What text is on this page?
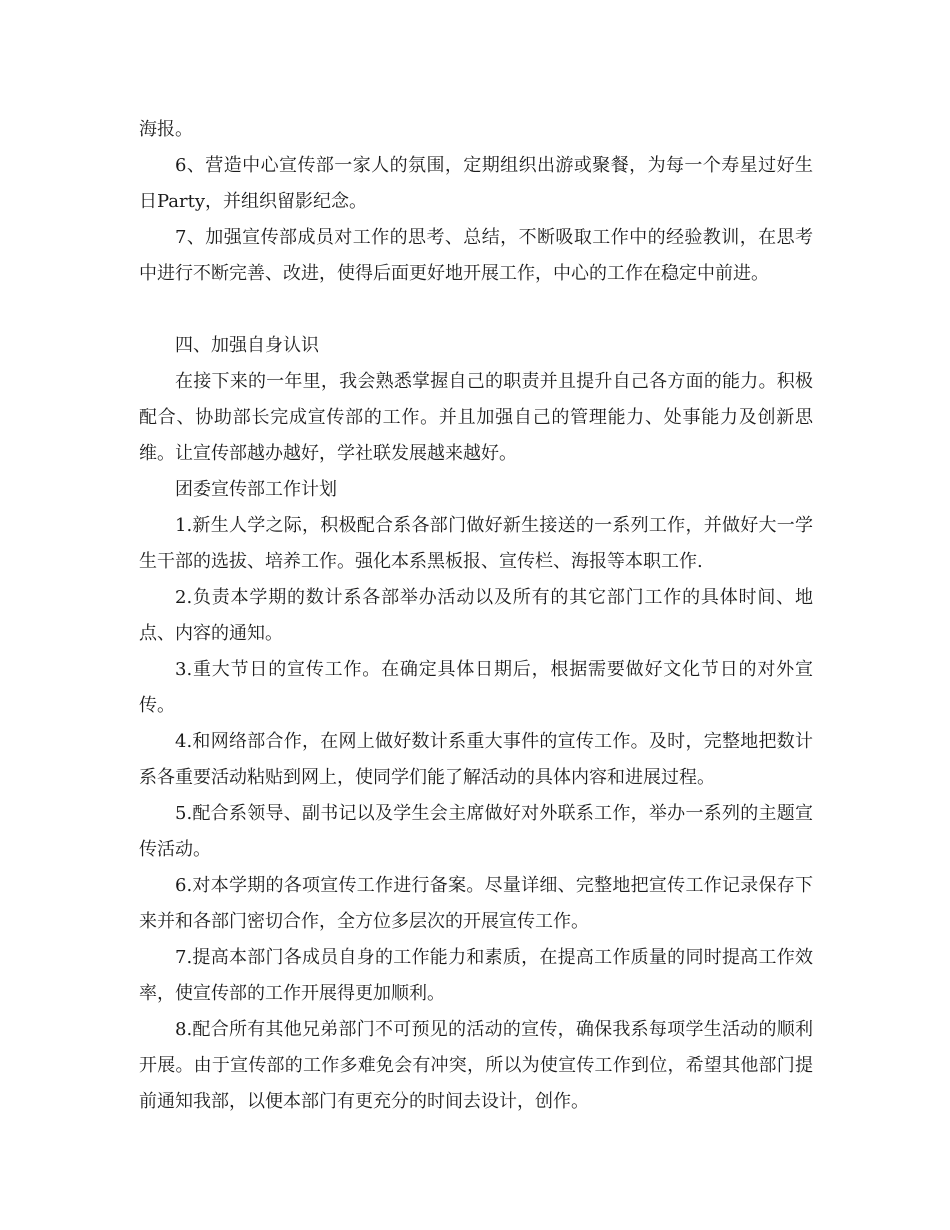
海报。

6、营造中心宣传部一家人的氛围，定期组织出游或聚餐，为每一个寿星过好生日Party，并组织留影纪念。

7、加强宣传部成员对工作的思考、总结，不断吸取工作中的经验教训，在思考中进行不断完善、改进，使得后面更好地开展工作，中心的工作在稳定中前进。

四、加强自身认识

在接下来的一年里，我会熟悉掌握自己的职责并且提升自己各方面的能力。积极配合、协助部长完成宣传部的工作。并且加强自己的管理能力、处事能力及创新思维。让宣传部越办越好，学社联发展越来越好。

团委宣传部工作计划

1.新生人学之际，积极配合系各部门做好新生接送的一系列工作，并做好大一学生干部的选拔、培养工作。强化本系黑板报、宣传栏、海报等本职工作.

2.负责本学期的数计系各部举办活动以及所有的其它部门工作的具体时间、地点、内容的通知。

3.重大节日的宣传工作。在确定具体日期后，根据需要做好文化节日的对外宣传。

4.和网络部合作，在网上做好数计系重大事件的宣传工作。及时，完整地把数计系各重要活动粘贴到网上，使同学们能了解活动的具体内容和进展过程。

5.配合系领导、副书记以及学生会主席做好对外联系工作，举办一系列的主题宣传活动。

6.对本学期的各项宣传工作进行备案。尽量详细、完整地把宣传工作记录保存下来并和各部门密切合作，全方位多层次的开展宣传工作。

7.提高本部门各成员自身的工作能力和素质，在提高工作质量的同时提高工作效率，使宣传部的工作开展得更加顺利。

8.配合所有其他兄弟部门不可预见的活动的宣传，确保我系每项学生活动的顺利开展。由于宣传部的工作多难免会有冲突，所以为使宣传工作到位，希望其他部门提前通知我部，以便本部门有更充分的时间去设计，创作。
